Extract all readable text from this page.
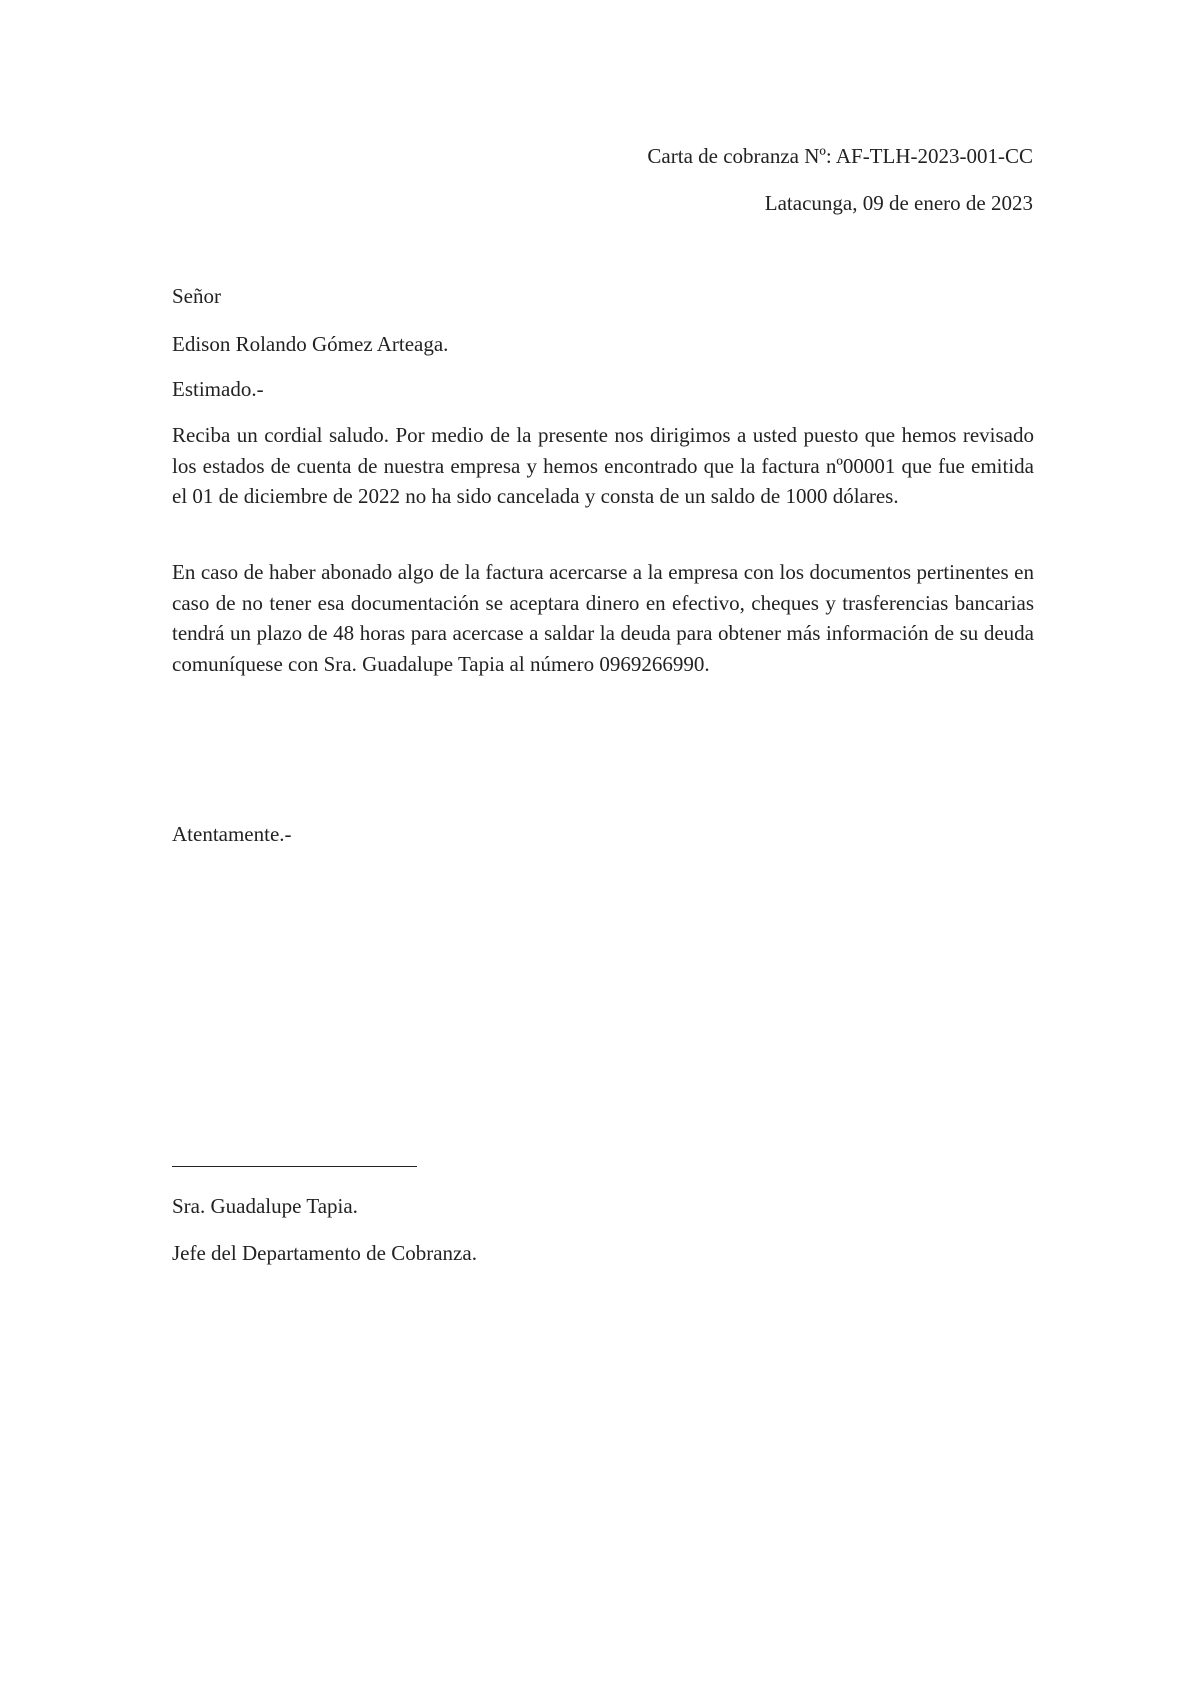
Carta de cobranza Nº: AF-TLH-2023-001-CC
Latacunga, 09 de enero de 2023
Señor
Edison Rolando Gómez Arteaga.
Estimado.-

Reciba un cordial saludo. Por medio de la presente nos dirigimos a usted puesto que hemos revisado los estados de cuenta de nuestra empresa y hemos encontrado que la factura nº00001 que fue emitida el 01 de diciembre de 2022 no ha sido cancelada y consta de un saldo de 1000 dólares.

En caso de haber abonado algo de la factura acercarse a la empresa con los documentos pertinentes en caso de no tener esa documentación se aceptara dinero en efectivo, cheques y trasferencias bancarias tendrá un plazo de 48 horas para acercase a saldar la deuda para obtener más información de su deuda comuníquese con Sra. Guadalupe Tapia al número 0969266990.

Atentamente.-
Sra. Guadalupe Tapia.
Jefe del Departamento de Cobranza.
